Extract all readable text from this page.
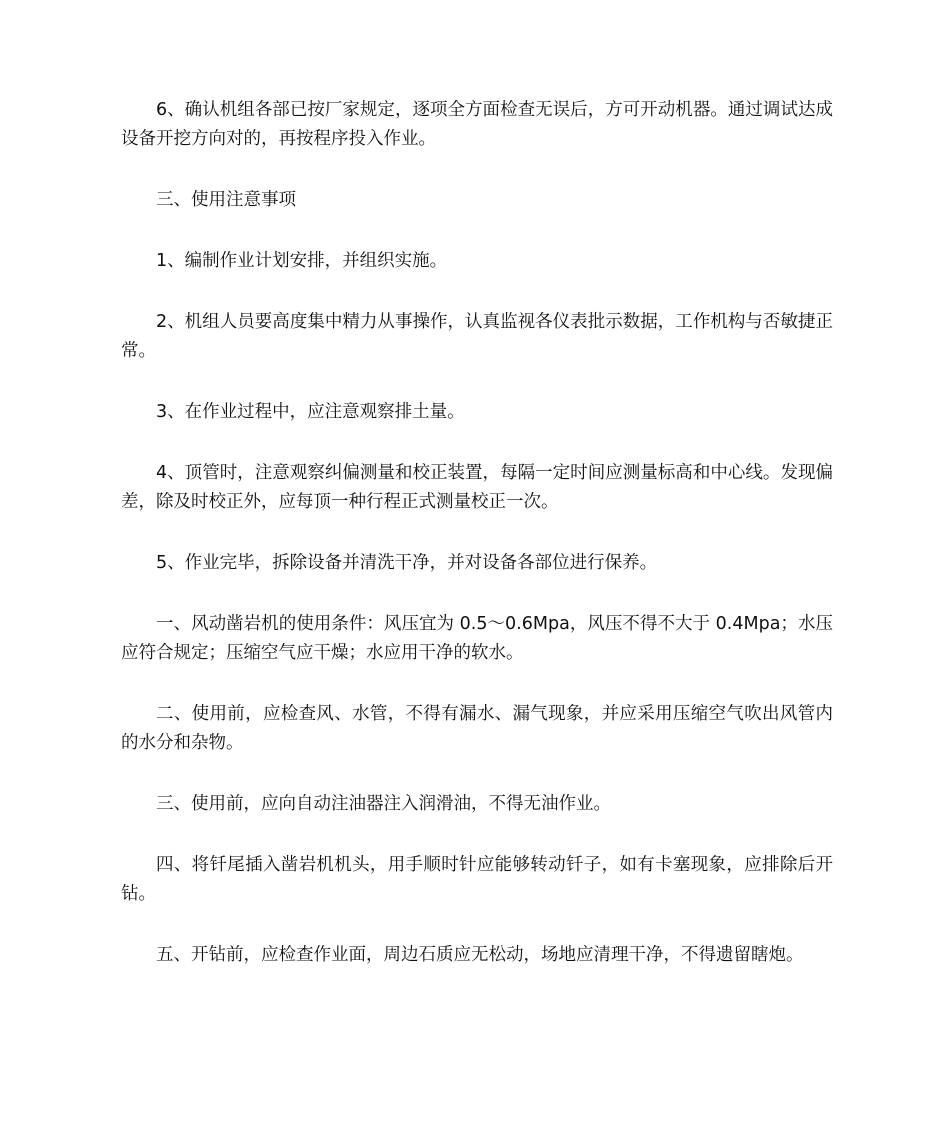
6、确认机组各部已按厂家规定，逐项全方面检查无误后，方可开动机器。通过调试达成设备开挖方向对的，再按程序投入作业。

三、使用注意事项

1、编制作业计划安排，并组织实施。

2、机组人员要高度集中精力从事操作，认真监视各仪表批示数据，工作机构与否敏捷正常。

3、在作业过程中，应注意观察排土量。

4、顶管时，注意观察纠偏测量和校正装置，每隔一定时间应测量标高和中心线。发现偏差，除及时校正外，应每顶一种行程正式测量校正一次。

5、作业完毕，拆除设备并清洗干净，并对设备各部位进行保养。

一、风动凿岩机的使用条件：风压宜为 0.5～0.6Mpa，风压不得不大于 0.4Mpa；水压应符合规定；压缩空气应干燥；水应用干净的软水。

二、使用前，应检查风、水管，不得有漏水、漏气现象，并应采用压缩空气吹出风管内的水分和杂物。

三、使用前，应向自动注油器注入润滑油，不得无油作业。

四、将钎尾插入凿岩机机头，用手顺时针应能够转动钎子，如有卡塞现象，应排除后开钻。

五、开钻前，应检查作业面，周边石质应无松动，场地应清理干净，不得遗留瞎炮。
